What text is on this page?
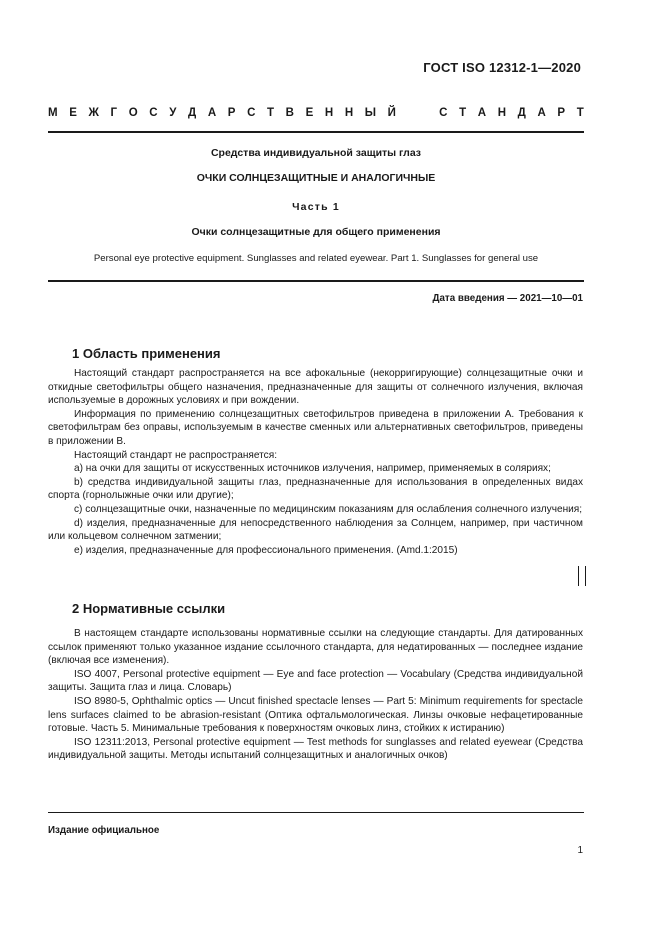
ГОСТ ISO 12312-1—2020
М Е Ж Г О С У Д А Р С Т В Е Н Н Ы Й	С Т А Н Д А Р Т
Средства индивидуальной защиты глаз
ОЧКИ СОЛНЦЕЗАЩИТНЫЕ И АНАЛОГИЧНЫЕ
Часть 1
Очки солнцезащитные для общего применения
Personal eye protective equipment. Sunglasses and related eyewear. Part 1. Sunglasses for general use
Дата введения — 2021—10—01
1 Область применения

Настоящий стандарт распространяется на все афокальные (некорригирующие) солнцезащитные очки и откидные светофильтры общего назначения, предназначенные для защиты от солнечного излучения, включая используемые в дорожных условиях и при вождении.

Информация по применению солнцезащитных светофильтров приведена в приложении А. Требования к светофильтрам без оправы, используемым в качестве сменных или альтернативных светофильтров, приведены в приложении В.

Настоящий стандарт не распространяется:

а) на очки для защиты от искусственных источников излучения, например, применяемых в соляриях;

b) средства индивидуальной защиты глаз, предназначенные для использования в определенных видах спорта (горнолыжные очки или другие);

с) солнцезащитные очки, назначенные по медицинским показаниям для ослабления солнечного излучения;

d) изделия, предназначенные для непосредственного наблюдения за Солнцем, например, при частичном или кольцевом солнечном затмении;

е) изделия, предназначенные для профессионального применения. (Amd.1:2015)

2 Нормативные ссылки

В настоящем стандарте использованы нормативные ссылки на следующие стандарты. Для датированных ссылок применяют только указанное издание ссылочного стандарта, для недатированных — последнее издание (включая все изменения).

ISO 4007, Personal protective equipment — Eye and face protection — Vocabulary (Средства индивидуальной защиты. Защита глаз и лица. Словарь)

ISO 8980-5, Ophthalmic optics — Uncut finished spectacle lenses — Part 5: Minimum requirements for spectacle lens surfaces claimed to be abrasion-resistant (Оптика офтальмологическая. Линзы очковые нефацетированные готовые. Часть 5. Минимальные требования к поверхностям очковых линз, стойких к истиранию)

ISO 12311:2013, Personal protective equipment — Test methods for sunglasses and related eyewear (Средства индивидуальной защиты. Методы испытаний солнцезащитных и аналогичных очков)

Издание официальное
1
